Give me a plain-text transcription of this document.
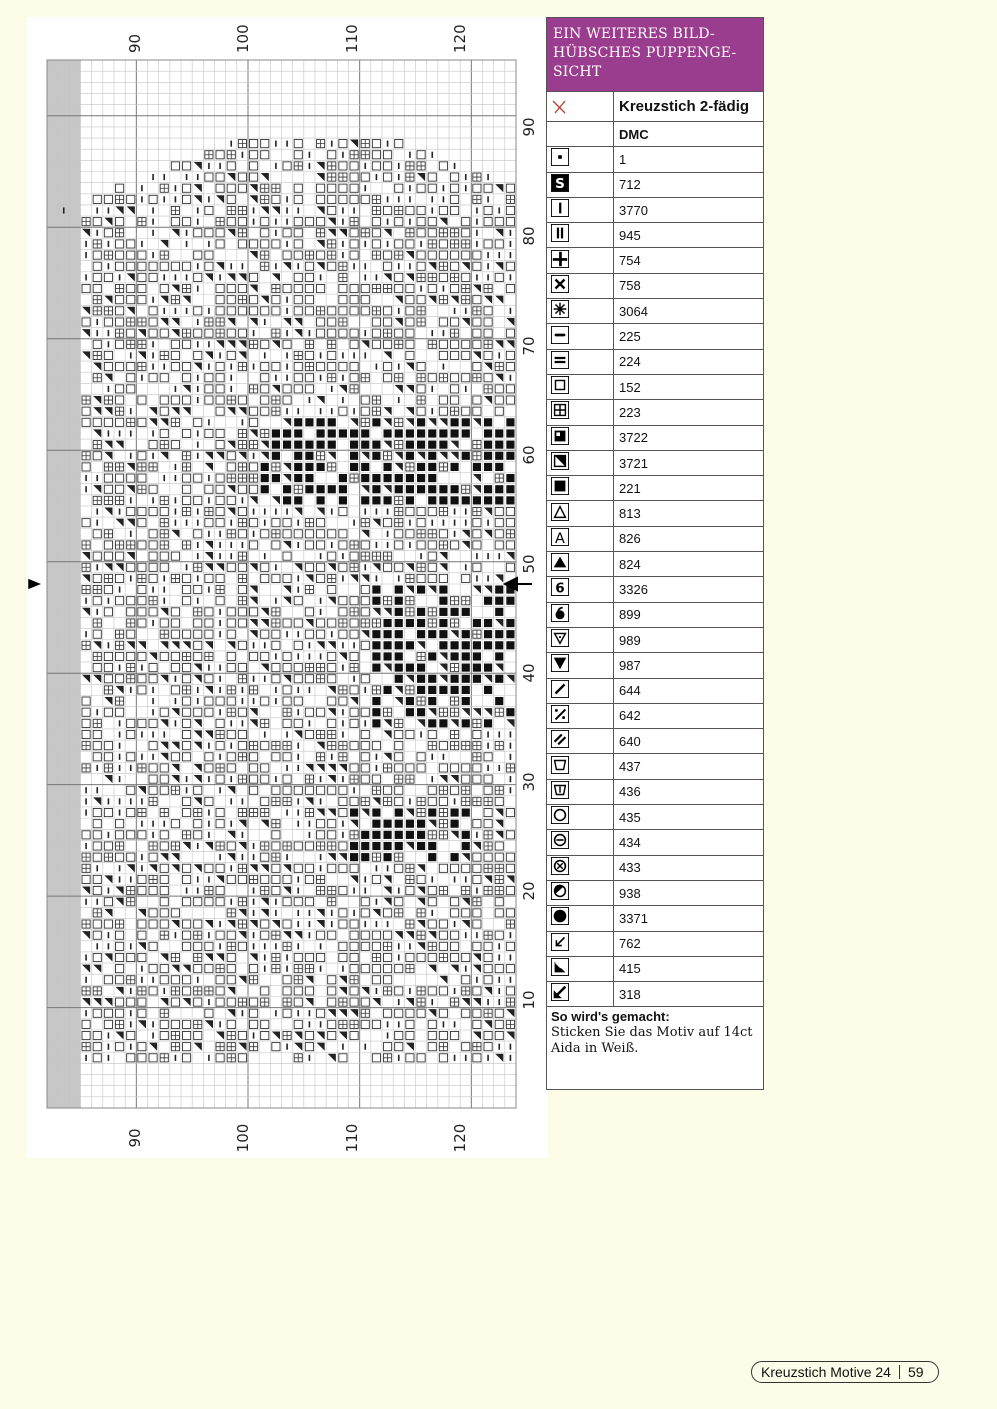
90	100	110	120
90	100	110	120
90
80
70
60
50
40
30
20
10
EIN WEITERES BILD-
HÜBSCHES PUPPENGE-
SICHT
Kreuzstich 2-fädig
DMC
1
S	712
3770
945
754
758
3064
225
224
152
223
3722
3721
221
813
A	826
824
6	3326
899
989
987
644
642
640
437
436
435
434
433
938
3371
762
415
318
So wird's gemacht:
Sticken Sie das Motiv auf 14ct Aida in Weiß.
Kreuzstich Motive 24 59
